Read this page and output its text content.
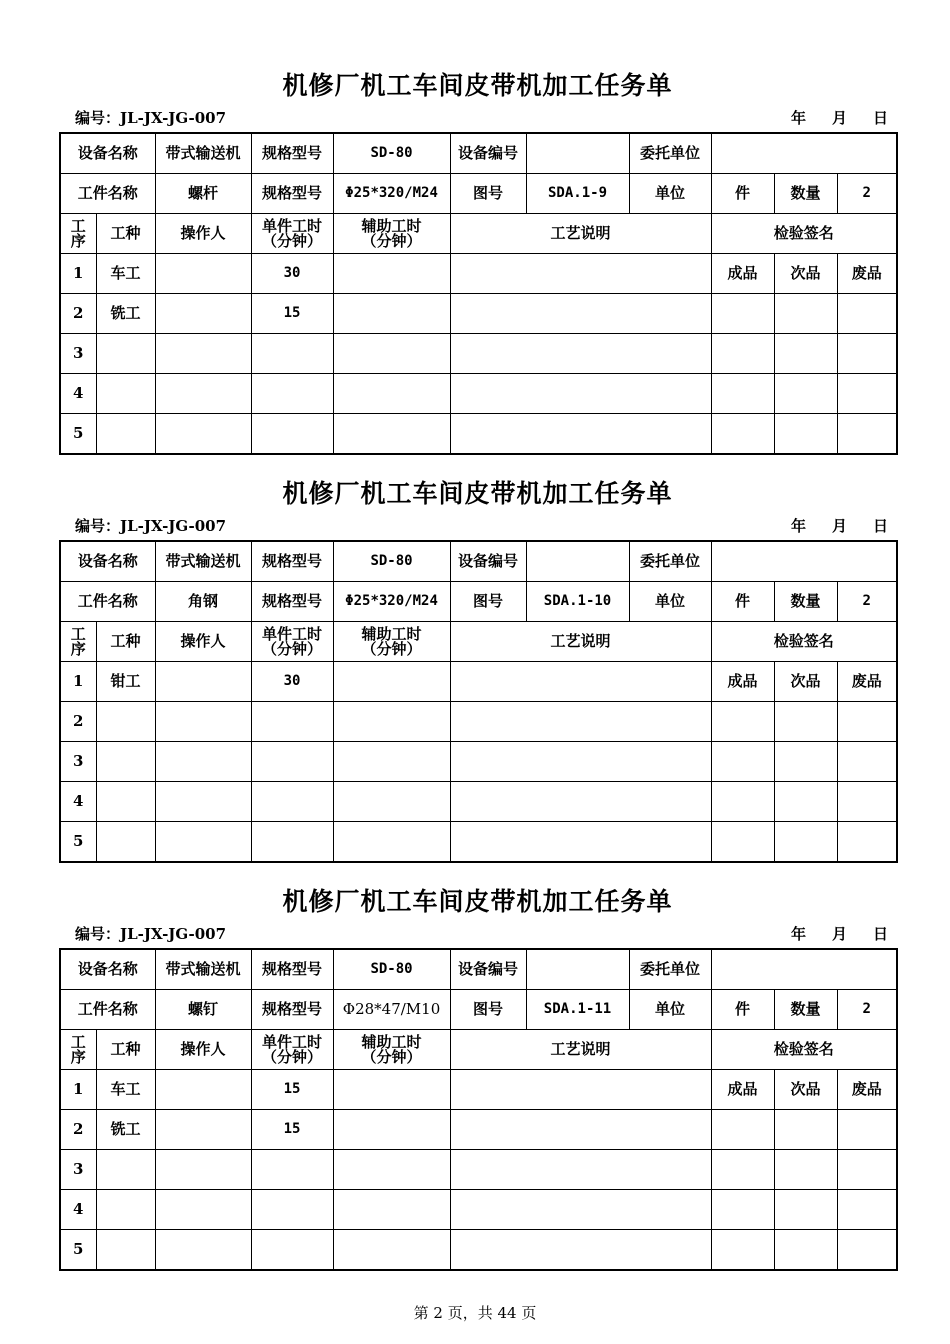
机修厂机工车间皮带机加工任务单
编号：JL-JX-JG-007	年 月 日
设备名称		带式输送机	规格型号	SD-80	设备编号		委托单位			
工件名称		螺杆	规格型号	Φ25*320/M24	图号	SDA.1-9	单位	件	数量	2

工序	工种	操作人	单件工时（分钟）	辅助工时（分钟）	工艺说明			检验签名		
1	车工		30					成品	次品	废品
2	铣工		15							
3										
4										
5										
机修厂机工车间皮带机加工任务单
编号：JL-JX-JG-007	年 月 日
设备名称		带式输送机	规格型号	SD-80	设备编号		委托单位			
工件名称		角钢	规格型号	Φ25*320/M24	图号	SDA.1-10	单位	件	数量	2

工序	工种	操作人	单件工时（分钟）	辅助工时（分钟）	工艺说明			检验签名		
1	钳工		30					成品	次品	废品
2										
3										
4										
5										
机修厂机工车间皮带机加工任务单
编号：JL-JX-JG-007	年 月 日
设备名称		带式输送机	规格型号	SD-80	设备编号		委托单位			
工件名称		螺钉	规格型号	Φ28*47/M10	图号	SDA.1-11	单位	件	数量	2

工序	工种	操作人	单件工时（分钟）	辅助工时（分钟）	工艺说明			检验签名		
1	车工		15					成品	次品	废品
2	铣工		15							
3										
4										
5										
第 2 页，共 44 页
